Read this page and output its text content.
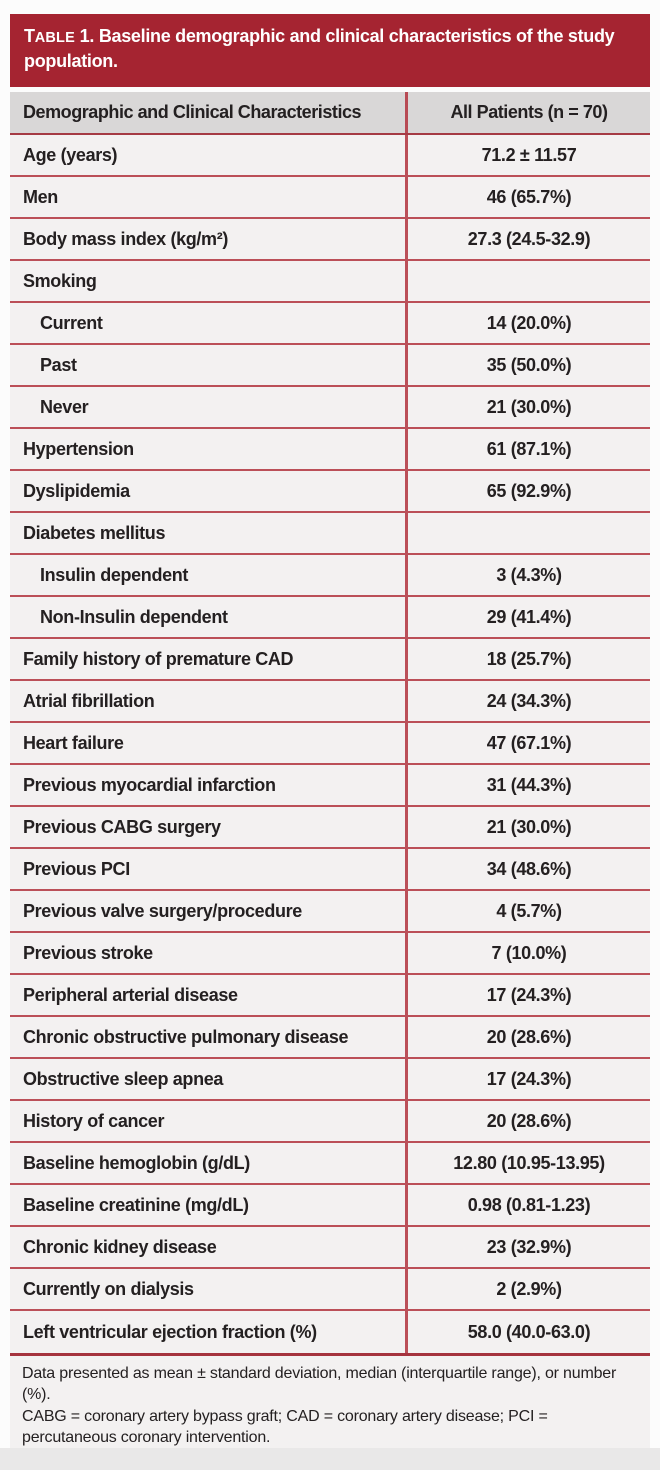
TABLE 1. Baseline demographic and clinical characteristics of the study population.
Demographic and Clinical Characteristics	All Patients (n = 70)
Age (years)	71.2 ± 11.57
Men	46 (65.7%)
Body mass index (kg/m²)	27.3 (24.5-32.9)
Smoking
Current	14 (20.0%)
Past	35 (50.0%)
Never	21 (30.0%)
Hypertension	61 (87.1%)
Dyslipidemia	65 (92.9%)
Diabetes mellitus
Insulin dependent	3 (4.3%)
Non-Insulin dependent	29 (41.4%)
Family history of premature CAD	18 (25.7%)
Atrial fibrillation	24 (34.3%)
Heart failure	47 (67.1%)
Previous myocardial infarction	31 (44.3%)
Previous CABG surgery	21 (30.0%)
Previous PCI	34 (48.6%)
Previous valve surgery/procedure	4 (5.7%)
Previous stroke	7 (10.0%)
Peripheral arterial disease	17 (24.3%)
Chronic obstructive pulmonary disease	20 (28.6%)
Obstructive sleep apnea	17 (24.3%)
History of cancer	20 (28.6%)
Baseline hemoglobin (g/dL)	12.80 (10.95-13.95)
Baseline creatinine (mg/dL)	0.98 (0.81-1.23)
Chronic kidney disease	23 (32.9%)
Currently on dialysis	2 (2.9%)
Left ventricular ejection fraction (%)	58.0 (40.0-63.0)

Data presented as mean ± standard deviation, median (interquartile range), or number (%).

CABG = coronary artery bypass graft; CAD = coronary artery disease; PCI = percutaneous coronary intervention.
